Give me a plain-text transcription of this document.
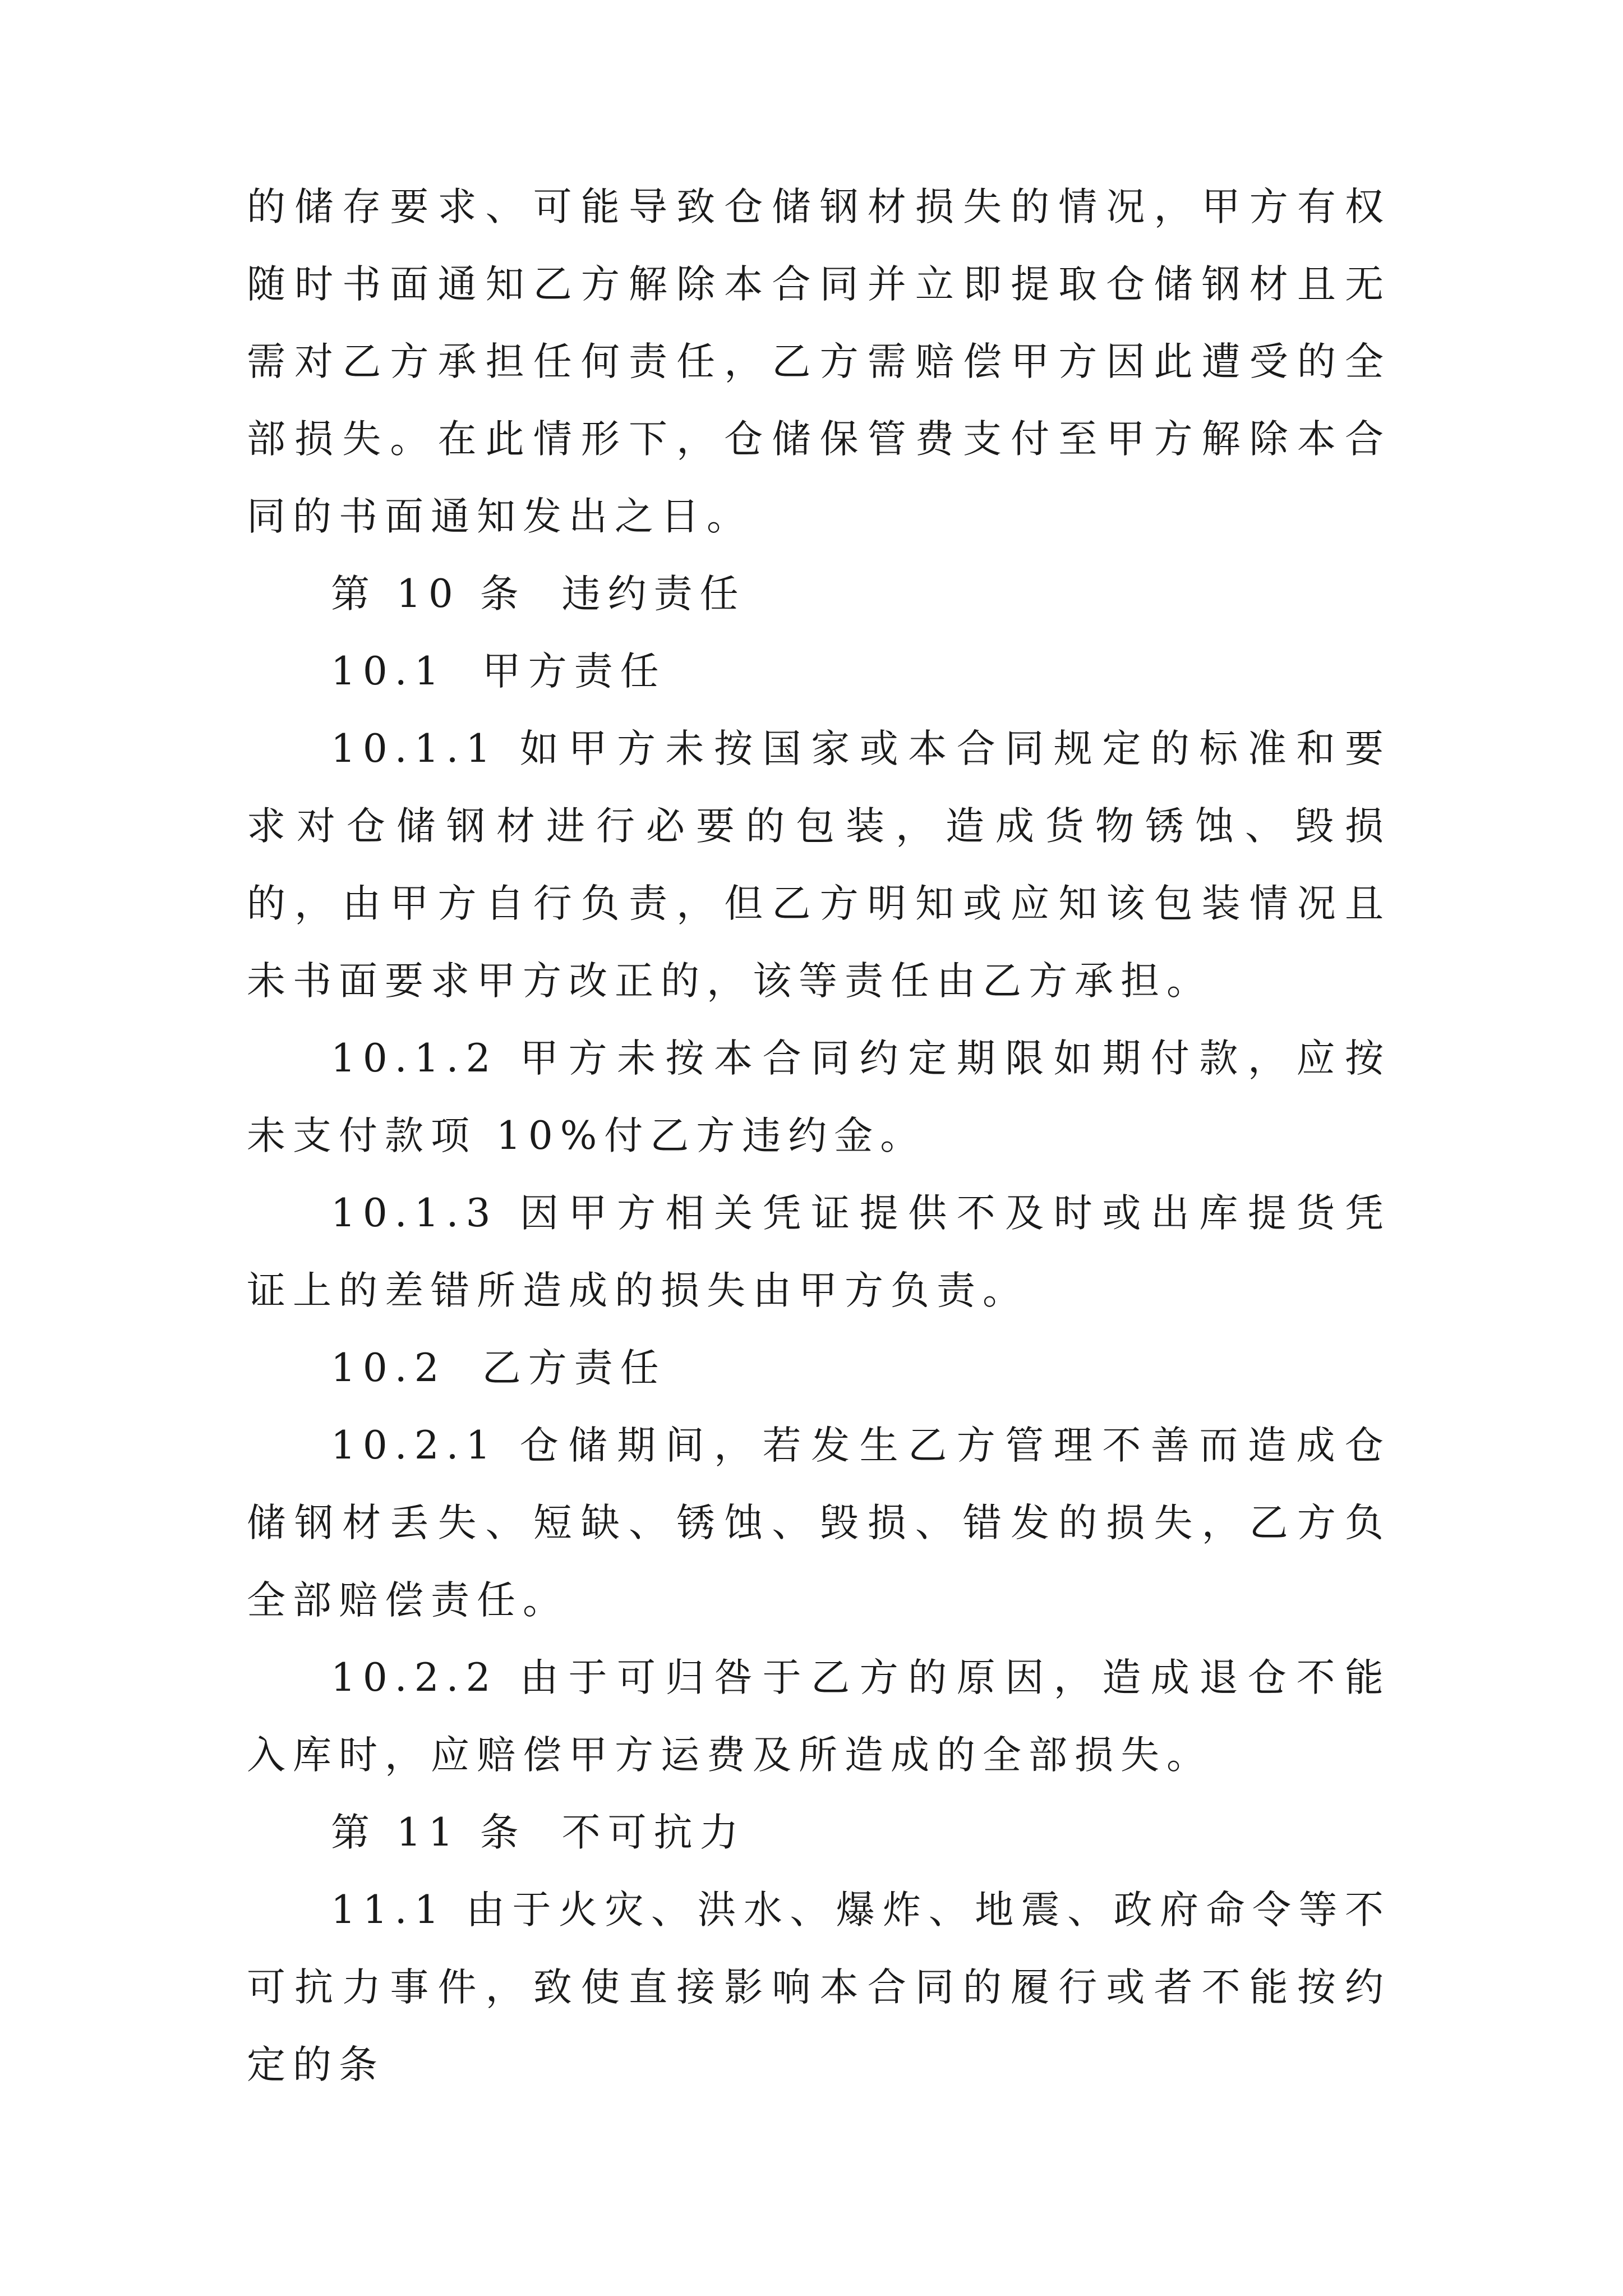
的储存要求、可能导致仓储钢材损失的情况，甲方有权随时书面通知乙方解除本合同并立即提取仓储钢材且无需对乙方承担任何责任，乙方需赔偿甲方因此遭受的全部损失。在此情形下，仓储保管费支付至甲方解除本合同的书面通知发出之日。

第 10 条 违约责任
10.1 甲方责任

10.1.1 如甲方未按国家或本合同规定的标准和要求对仓储钢材进行必要的包装，造成货物锈蚀、毁损的，由甲方自行负责，但乙方明知或应知该包装情况且未书面要求甲方改正的，该等责任由乙方承担。

10.1.2 甲方未按本合同约定期限如期付款，应按未支付款项 10%付乙方违约金。

10.1.3 因甲方相关凭证提供不及时或出库提货凭证上的差错所造成的损失由甲方负责。

10.2 乙方责任

10.2.1 仓储期间，若发生乙方管理不善而造成仓储钢材丢失、短缺、锈蚀、毁损、错发的损失，乙方负全部赔偿责任。

10.2.2 由于可归咎于乙方的原因，造成退仓不能入库时，应赔偿甲方运费及所造成的全部损失。

第 11 条 不可抗力

11.1 由于火灾、洪水、爆炸、地震、政府命令等不可抗力事件，致使直接影响本合同的履行或者不能按约定的条
